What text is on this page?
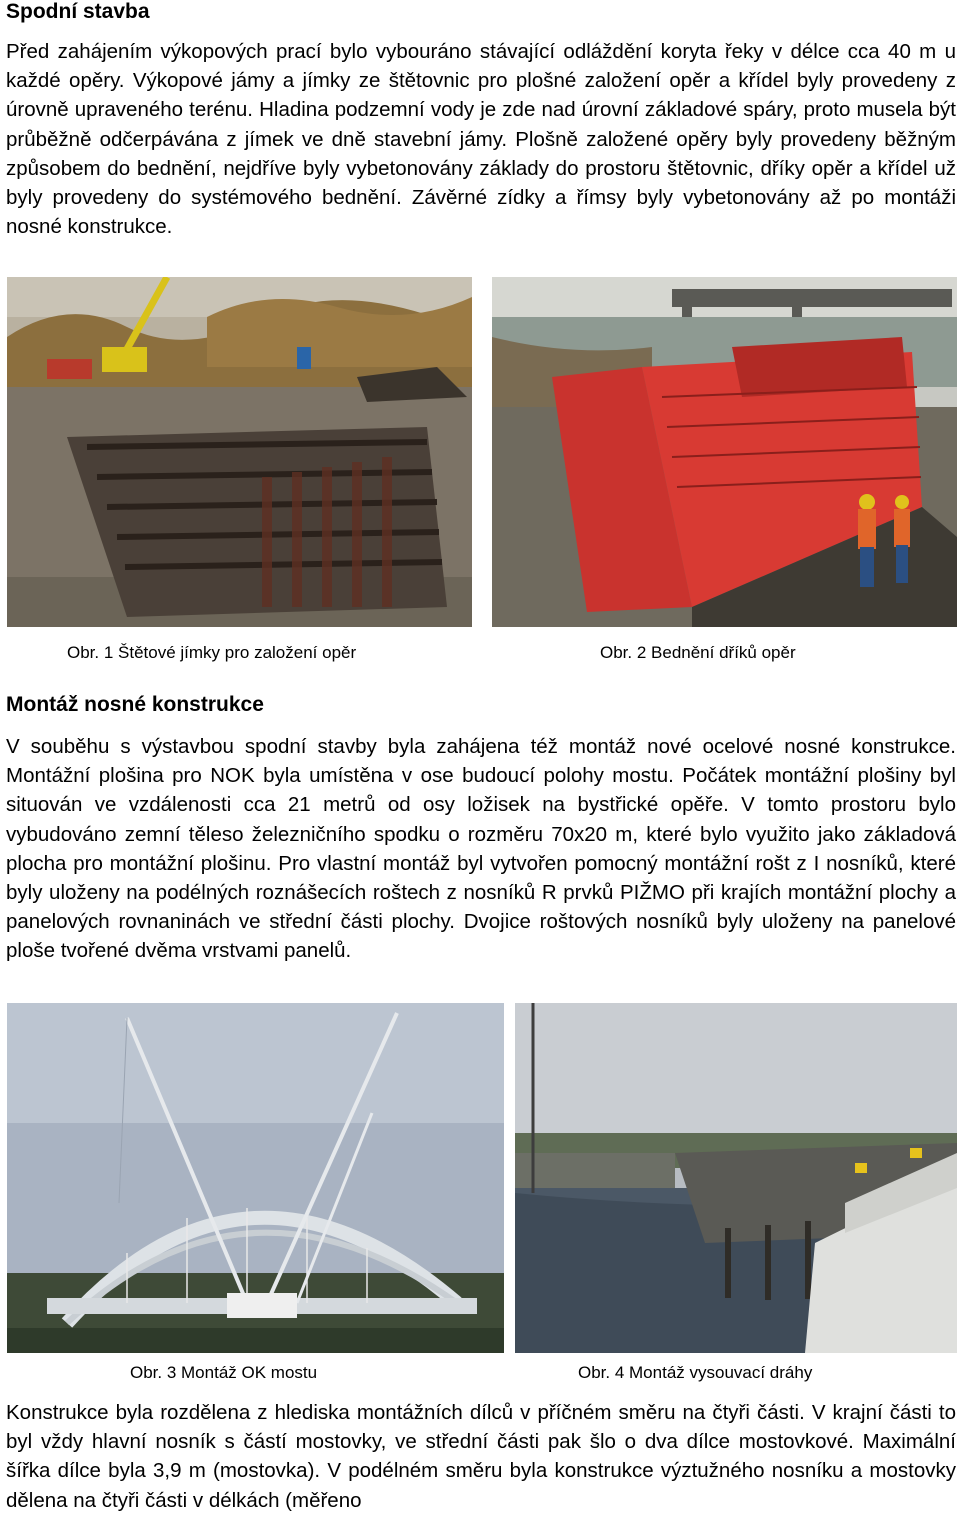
Spodní stavba

Před zahájením výkopových prací bylo vybouráno stávající odláždění koryta řeky v délce cca 40 m u každé opěry. Výkopové jámy a jímky ze štětovnic pro plošné založení opěr a křídel byly provedeny z úrovně upraveného terénu. Hladina podzemní vody je zde nad úrovní základové spáry, proto musela být průběžně odčerpávána z jímek ve dně stavební jámy. Plošně založené opěry byly provedeny běžným způsobem do bednění, nejdříve byly vybetonovány základy do prostoru štětovnic, dříky opěr a křídel už byly provedeny do systémového bednění. Závěrné zídky a římsy byly vybetonovány až po montáži nosné konstrukce.

Obr. 1 Štětové jímky pro založení opěr	Obr. 2 Bednění dříků opěr
Montáž nosné konstrukce

V souběhu s výstavbou spodní stavby byla zahájena též montáž nové ocelové nosné konstrukce. Montážní plošina pro NOK byla umístěna v ose budoucí polohy mostu. Počátek montážní plošiny byl situován ve vzdálenosti cca 21 metrů od osy ložisek na bystřické opěře. V tomto prostoru bylo vybudováno zemní těleso železničního spodku o rozměru 70x20 m, které bylo využito jako základová plocha pro montážní plošinu. Pro vlastní montáž byl vytvořen pomocný montážní rošt z I nosníků, které byly uloženy na podélných roznášecích roštech z nosníků R prvků PIŽMO při krajích montážní plochy a panelových rovnaninách ve střední části plochy. Dvojice roštových nosníků byly uloženy na panelové ploše tvořené dvěma vrstvami panelů.

Obr. 3 Montáž OK mostu	Obr. 4 Montáž vysouvací dráhy

Konstrukce byla rozdělena z hlediska montážních dílců v příčném směru na čtyři části. V krajní části to byl vždy hlavní nosník s částí mostovky, ve střední části pak šlo o dva dílce mostovkové. Maximální šířka dílce byla 3,9 m (mostovka). V podélném směru byla konstrukce výztužného nosníku a mostovky dělena na čtyři části v délkách (měřeno
